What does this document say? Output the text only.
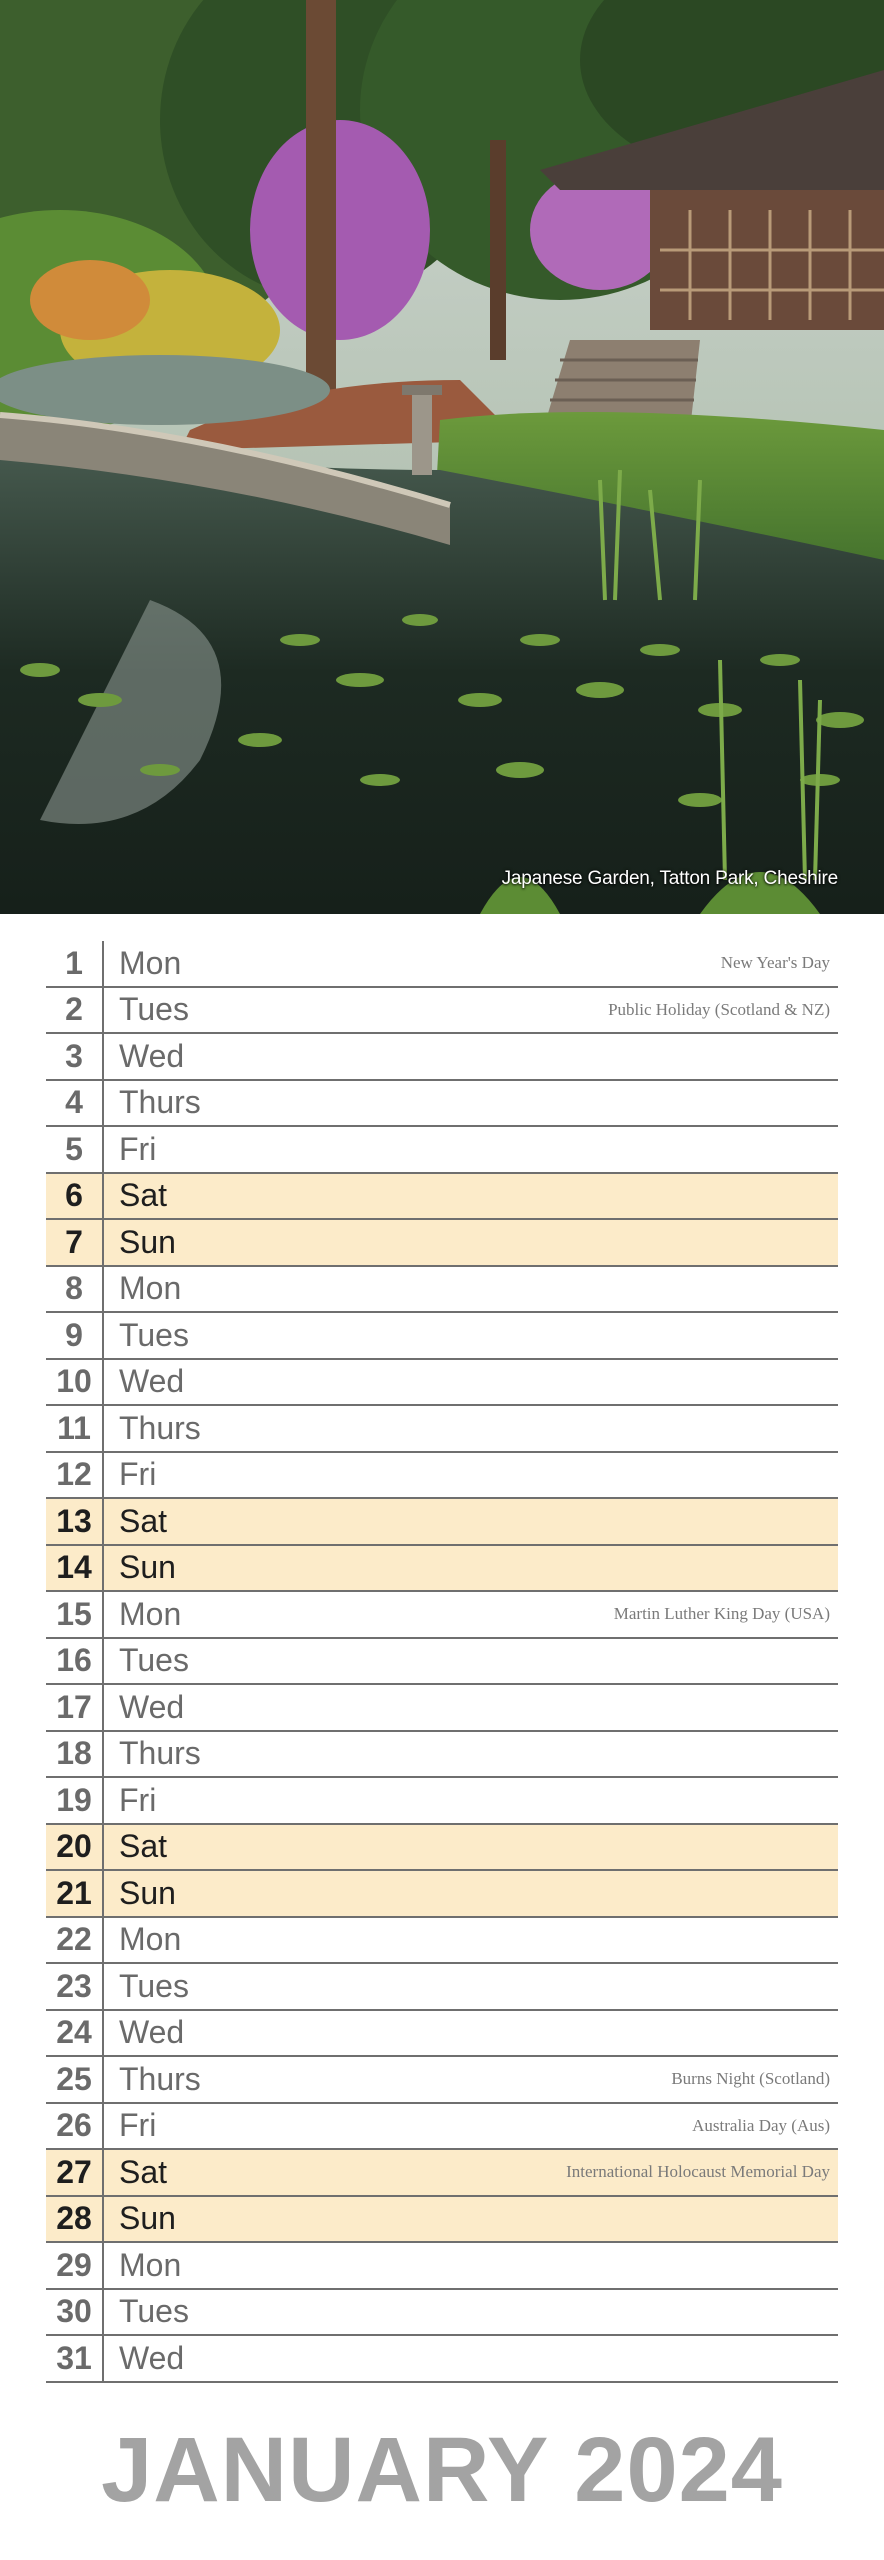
Japanese Garden, Tatton Park, Cheshire
1	Mon	New Year's Day
2	Tues	Public Holiday (Scotland & NZ)
3	Wed
4	Thurs
5	Fri
6	Sat
7	Sun
8	Mon
9	Tues
10 Wed
11 Thurs
12 Fri
13 Sat
14 Sun
15 Mon	Martin Luther King Day (USA)
16 Tues
17 Wed
18 Thurs
19 Fri
20 Sat
21 Sun
22 Mon
23 Tues
24 Wed
25 Thurs	Burns Night (Scotland)
26 Fri	Australia Day (Aus)
27 Sat	International Holocaust Memorial Day
28 Sun
29 Mon
30 Tues
31 Wed
JANUARY 2024
